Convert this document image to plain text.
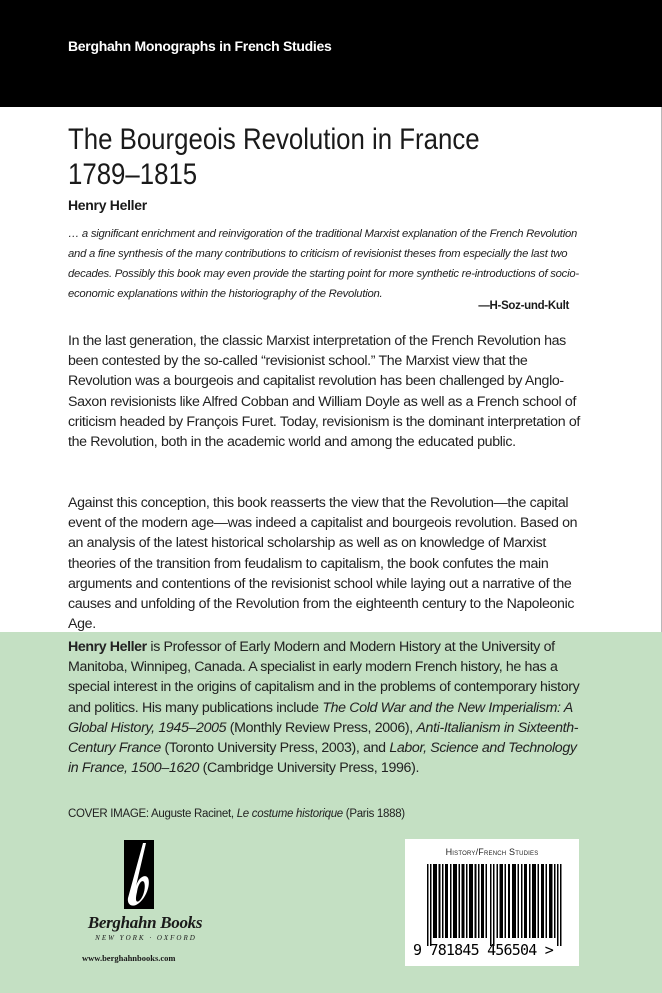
Berghahn Monographs in French Studies
The Bourgeois Revolution in France
1789–1815
Henry Heller
… a significant enrichment and reinvigoration of the traditional Marxist explanation of the French Revolution and a fine synthesis of the many contributions to criticism of revisionist theses from especially the last two decades. Possibly this book may even provide the starting point for more synthetic re-introductions of socio-economic explanations within the historiography of the Revolution.
—H-Soz-und-Kult
In the last generation, the classic Marxist interpretation of the French Revolution has been contested by the so-called “revisionist school.” The Marxist view that the Revolution was a bourgeois and capitalist revolution has been challenged by Anglo-Saxon revisionists like Alfred Cobban and William Doyle as well as a French school of criticism headed by François Furet. Today, revisionism is the dominant interpretation of the Revolution, both in the academic world and among the educated public.
Against this conception, this book reasserts the view that the Revolution—the capital event of the modern age—was indeed a capitalist and bourgeois revolution. Based on an analysis of the latest historical scholarship as well as on knowledge of Marxist theories of the transition from feudalism to capitalism, the book confutes the main arguments and contentions of the revisionist school while laying out a narrative of the causes and unfolding of the Revolution from the eighteenth century to the Napoleonic Age.
Henry Heller is Professor of Early Modern and Modern History at the University of Manitoba, Winnipeg, Canada. A specialist in early modern French history, he has a special interest in the origins of capitalism and in the problems of contemporary history and politics. His many publications include The Cold War and the New Imperialism: A Global History, 1945–2005 (Monthly Review Press, 2006), Anti-Italianism in Sixteenth-Century France (Toronto University Press, 2003), and Labor, Science and Technology in France, 1500–1620 (Cambridge University Press, 1996).
COVER IMAGE: Auguste Racinet, Le costume historique (Paris 1888)
Berghahn Books
NEW YORK · OXFORD
www.berghahnbooks.com
History/French Studies
9 781845 456504 >
